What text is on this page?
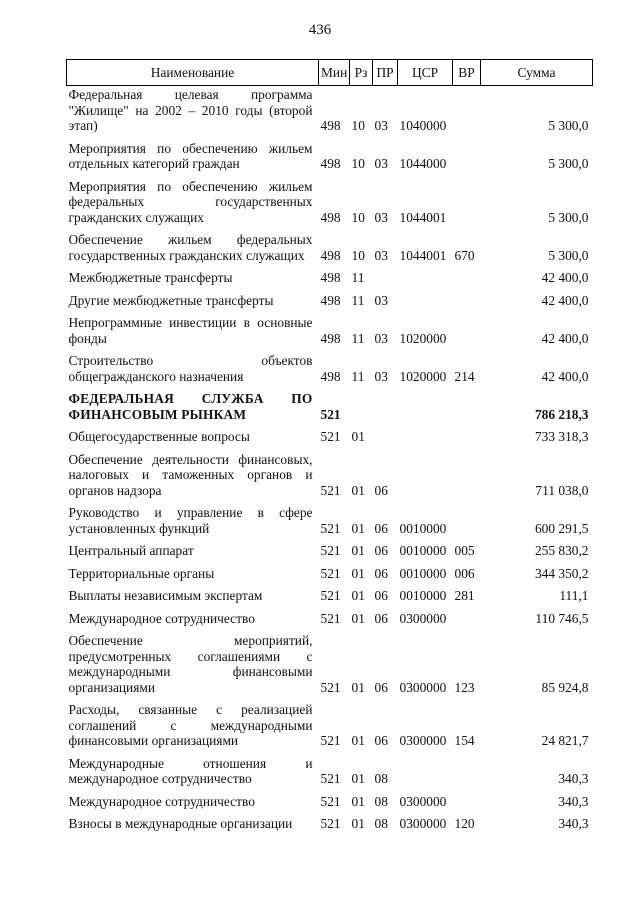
436
Наименование	Мин	Рз	ПР	ЦСР	ВР	Сумма
Федеральная целевая программа "Жилище" на 2002 – 2010 годы (второй этап)	498	10	03	1040000		5 300,0
Мероприятия по обеспечению жильем отдельных категорий граждан	498	10	03	1044000		5 300,0
Мероприятия по обеспечению жильем федеральных государственных гражданских служащих	498	10	03	1044001		5 300,0
Обеспечение жильем федеральных государственных гражданских служащих	498	10	03	1044001	670	5 300,0
Межбюджетные трансферты	498	11				42 400,0
Другие межбюджетные трансферты	498	11	03			42 400,0
Непрограммные инвестиции в основные фонды	498	11	03	1020000		42 400,0
Строительство объектов общегражданского назначения	498	11	03	1020000	214	42 400,0
ФЕДЕРАЛЬНАЯ СЛУЖБА ПО ФИНАНСОВЫМ РЫНКАМ	521					786 218,3
Общегосударственные вопросы	521	01				733 318,3
Обеспечение деятельности финансовых, налоговых и таможенных органов и органов надзора	521	01	06			711 038,0
Руководство и управление в сфере установленных функций	521	01	06	0010000		600 291,5
Центральный аппарат	521	01	06	0010000	005	255 830,2
Территориальные органы	521	01	06	0010000	006	344 350,2
Выплаты независимым экспертам	521	01	06	0010000	281	111,1
Международное сотрудничество	521	01	06	0300000		110 746,5
Обеспечение мероприятий, предусмотренных соглашениями с международными финансовыми организациями	521	01	06	0300000	123	85 924,8
Расходы, связанные с реализацией соглашений с международными финансовыми организациями	521	01	06	0300000	154	24 821,7
Международные отношения и международное сотрудничество	521	01	08			340,3
Международное сотрудничество	521	01	08	0300000		340,3
Взносы в международные организации	521	01	08	0300000	120	340,3
